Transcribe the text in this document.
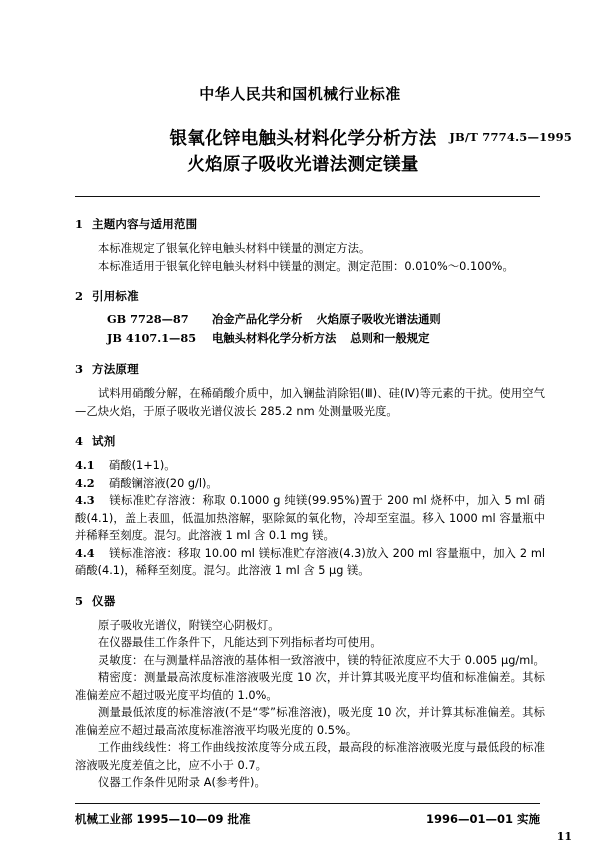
中华人民共和国机械行业标准
银氧化锌电触头材料化学分析方法
火焰原子吸收光谱法测定镁量
JB/T 7774.5—1995
1 主题内容与适用范围

本标准规定了银氧化锌电触头材料中镁量的测定方法。

本标准适用于银氧化锌电触头材料中镁量的测定。测定范围：0.010%～0.100%。

2 引用标准
GB 7728—87 冶金产品化学分析 火焰原子吸收光谱法通则
JB 4107.1—85 电触头材料化学分析方法 总则和一般规定
3 方法原理

试料用硝酸分解，在稀硝酸介质中，加入镧盐消除铝(Ⅲ)、硅(Ⅳ)等元素的干扰。使用空气—乙炔火焰，于原子吸收光谱仪波长 285.2 nm 处测量吸光度。

4 试剂

4.1 硝酸(1+1)。

4.2 硝酸镧溶液(20 g/l)。

4.3 镁标准贮存溶液：称取 0.1000 g 纯镁(99.95%)置于 200 ml 烧杯中，加入 5 ml 硝酸(4.1)，盖上表皿，低温加热溶解，驱除氮的氧化物，冷却至室温。移入 1000 ml 容量瓶中并稀释至刻度。混匀。此溶液 1 ml 含 0.1 mg 镁。

4.4 镁标准溶液：移取 10.00 ml 镁标准贮存溶液(4.3)放入 200 ml 容量瓶中，加入 2 ml 硝酸(4.1)，稀释至刻度。混匀。此溶液 1 ml 含 5 µg 镁。

5 仪器

原子吸收光谱仪，附镁空心阴极灯。

在仪器最佳工作条件下，凡能达到下列指标者均可使用。

灵敏度：在与测量样品溶液的基体相一致溶液中，镁的特征浓度应不大于 0.005 µg/ml。

精密度：测量最高浓度标准溶液吸光度 10 次，并计算其吸光度平均值和标准偏差。其标准偏差应不超过吸光度平均值的 1.0%。

测量最低浓度的标准溶液(不是“零”标准溶液)，吸光度 10 次，并计算其标准偏差。其标准偏差应不超过最高浓度标准溶液平均吸光度的 0.5%。

工作曲线线性：将工作曲线按浓度等分成五段，最高段的标准溶液吸光度与最低段的标准溶液吸光度差值之比，应不小于 0.7。

仪器工作条件见附录 A(参考件)。

机械工业部 1995—10—09 批准	1996—01—01 实施
11
